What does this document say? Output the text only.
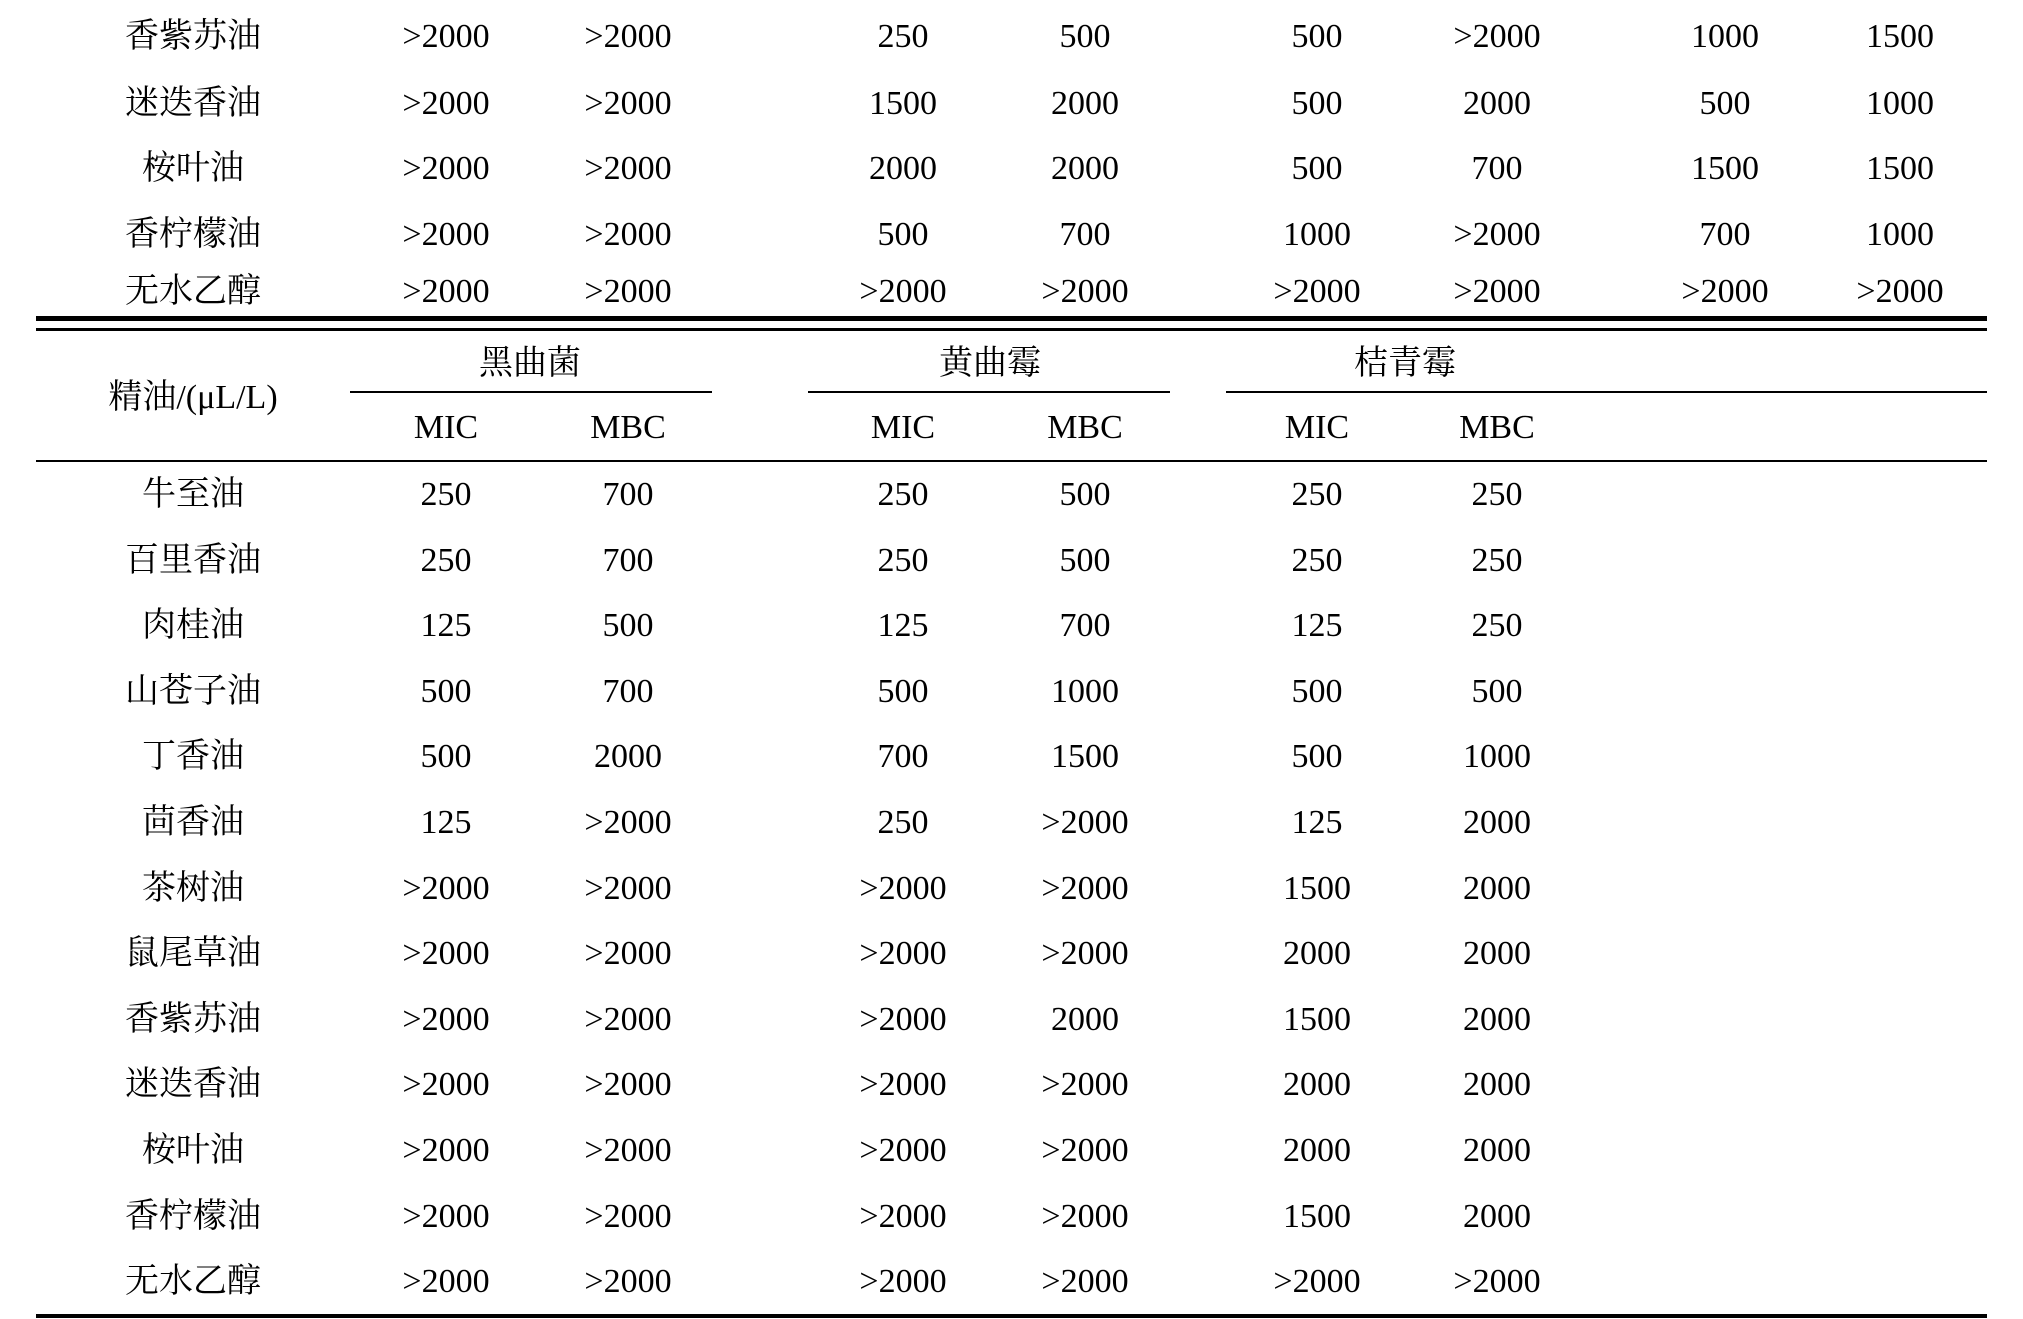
香紫苏油	>2000	>2000	250	500	500	>2000	1000	1500
迷迭香油	>2000	>2000	1500	2000	500	2000	500	1000
桉叶油	>2000	>2000	2000	2000	500	700	1500	1500
香柠檬油	>2000	>2000	500	700	1000	>2000	700	1000
无水乙醇	>2000	>2000	>2000	>2000	>2000	>2000	>2000	>2000
精油/(μL/L)
黑曲菌	黄曲霉	桔青霉
MIC	MBC	MIC	MBC	MIC	MBC
牛至油	250	700	250	500	250	250
百里香油	250	700	250	500	250	250
肉桂油	125	500	125	700	125	250
山苍子油	500	700	500	1000	500	500
丁香油	500	2000	700	1500	500	1000
茴香油	125	>2000	250	>2000	125	2000
茶树油	>2000	>2000	>2000	>2000	1500	2000
鼠尾草油	>2000	>2000	>2000	>2000	2000	2000
香紫苏油	>2000	>2000	>2000	2000	1500	2000
迷迭香油	>2000	>2000	>2000	>2000	2000	2000
桉叶油	>2000	>2000	>2000	>2000	2000	2000
香柠檬油	>2000	>2000	>2000	>2000	1500	2000
无水乙醇	>2000	>2000	>2000	>2000	>2000	>2000
